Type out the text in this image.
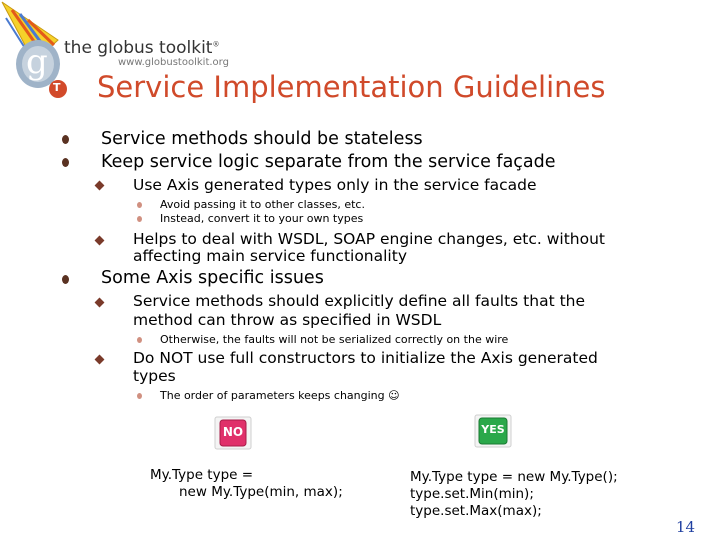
g
T
the globus toolkit®
www.globustoolkit.org
Service Implementation Guidelines
Service methods should be stateless
Keep service logic separate from the service façade
Use Axis generated types only in the service facade
Avoid passing it to other classes, etc.
Instead, convert it to your own types
Helps to deal with WSDL, SOAP engine changes, etc. without
affecting main service functionality
Some Axis specific issues
Service methods should explicitly define all faults that the
method can throw as specified in WSDL
Otherwise, the faults will not be serialized correctly on the wire
Do NOT use full constructors to initialize the Axis generated
types
The order of parameters keeps changing ☺
NO	YES
My.Type type =
new My.Type(min, max);
My.Type type = new My.Type();
type.set.Min(min);
type.set.Max(max);
14
